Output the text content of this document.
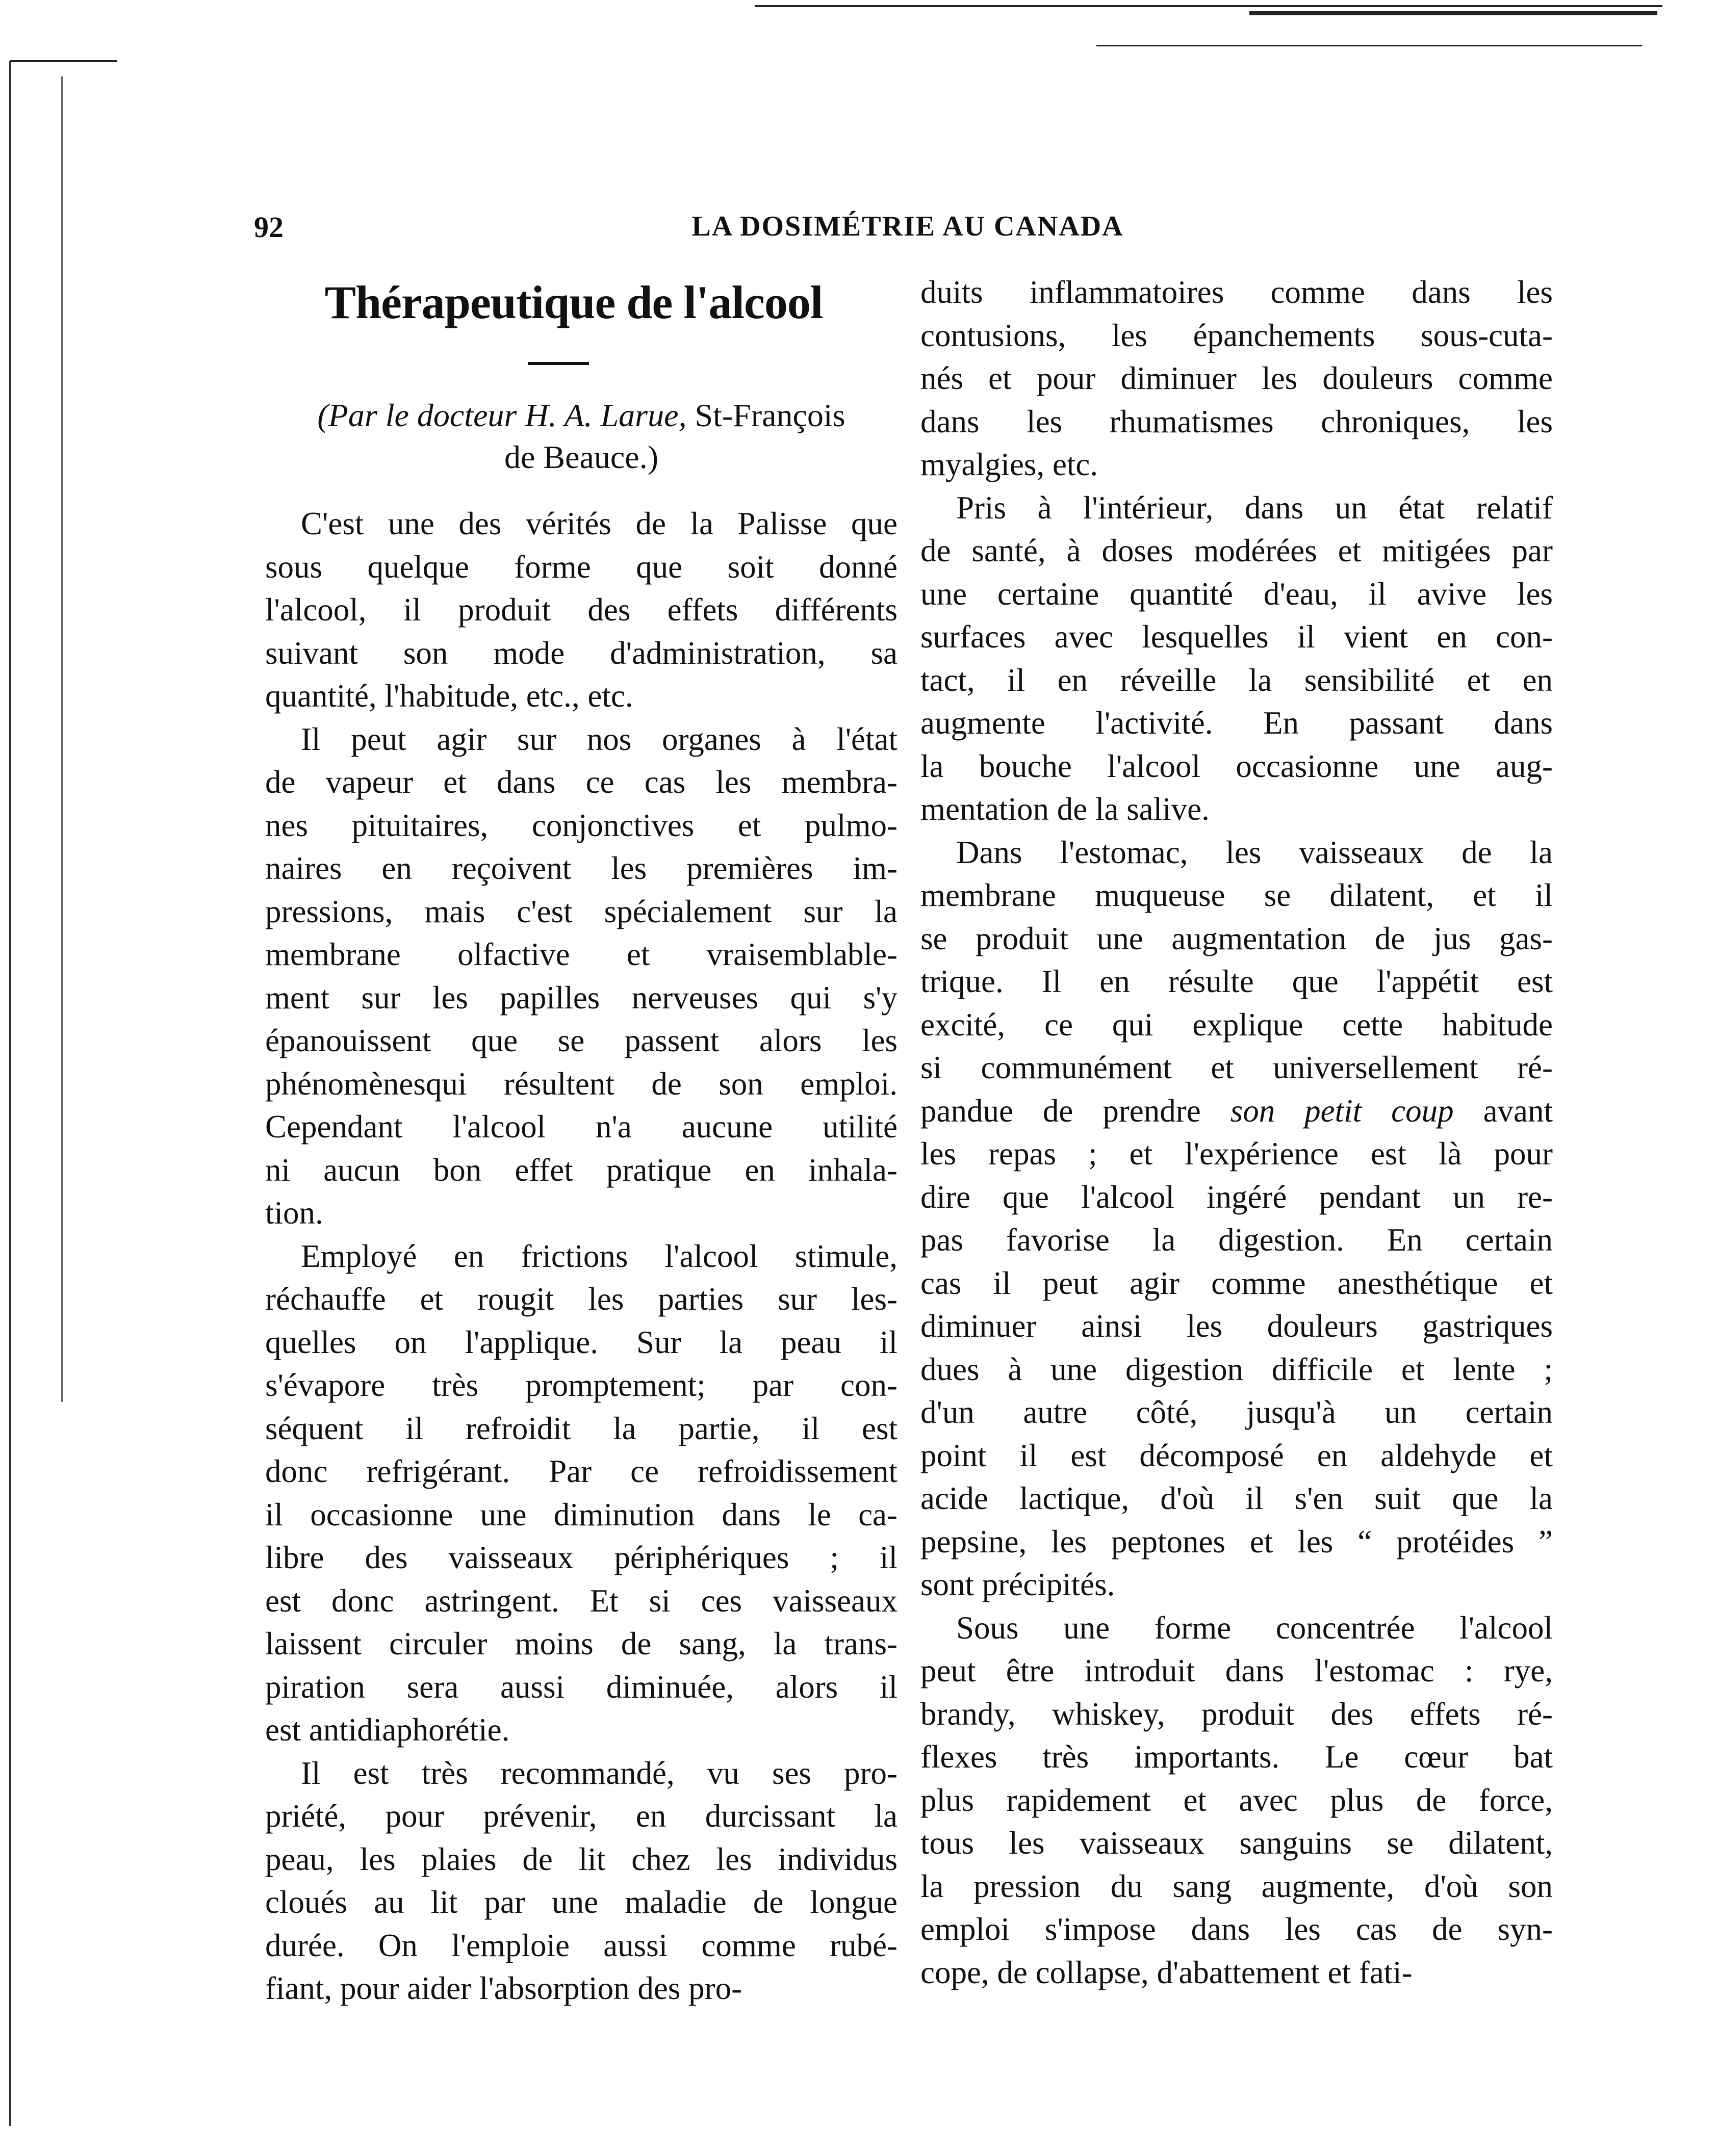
92	LA DOSIMÉTRIE AU CANADA
Thérapeutique de l'alcool
(Par le docteur H. A. Larue, St-François
de Beauce.)
C'est une des vérités de la Palisse que
sous quelque forme que soit donné
l'alcool, il produit des effets différents
suivant son mode d'administration, sa
quantité, l'habitude, etc., etc.
Il peut agir sur nos organes à l'état
de vapeur et dans ce cas les membra-
nes pituitaires, conjonctives et pulmo-
naires en reçoivent les premières im-
pressions, mais c'est spécialement sur la
membrane olfactive et vraisemblable-
ment sur les papilles nerveuses qui s'y
épanouissent que se passent alors les
phénomènesqui résultent de son emploi.
Cependant l'alcool n'a aucune utilité
ni aucun bon effet pratique en inhala-
tion.
Employé en frictions l'alcool stimule,
réchauffe et rougit les parties sur les-
quelles on l'applique. Sur la peau il
s'évapore très promptement; par con-
séquent il refroidit la partie, il est
donc refrigérant. Par ce refroidissement
il occasionne une diminution dans le ca-
libre des vaisseaux périphériques ; il
est donc astringent. Et si ces vaisseaux
laissent circuler moins de sang, la trans-
piration sera aussi diminuée, alors il
est antidiaphorétie.
Il est très recommandé, vu ses pro-
priété, pour prévenir, en durcissant la
peau, les plaies de lit chez les individus
cloués au lit par une maladie de longue
durée. On l'emploie aussi comme rubé-
fiant, pour aider l'absorption des pro-
duits inflammatoires comme dans les
contusions, les épanchements sous-cuta-
nés et pour diminuer les douleurs comme
dans les rhumatismes chroniques, les
myalgies, etc.
Pris à l'intérieur, dans un état relatif
de santé, à doses modérées et mitigées par
une certaine quantité d'eau, il avive les
surfaces avec lesquelles il vient en con-
tact, il en réveille la sensibilité et en
augmente l'activité. En passant dans
la bouche l'alcool occasionne une aug-
mentation de la salive.
Dans l'estomac, les vaisseaux de la
membrane muqueuse se dilatent, et il
se produit une augmentation de jus gas-
trique. Il en résulte que l'appétit est
excité, ce qui explique cette habitude
si communément et universellement ré-
pandue de prendre son petit coup avant
les repas ; et l'expérience est là pour
dire que l'alcool ingéré pendant un re-
pas favorise la digestion. En certain
cas il peut agir comme anesthétique et
diminuer ainsi les douleurs gastriques
dues à une digestion difficile et lente ;
d'un autre côté, jusqu'à un certain
point il est décomposé en aldehyde et
acide lactique, d'où il s'en suit que la
pepsine, les peptones et les “ protéides ”
sont précipités.
Sous une forme concentrée l'alcool
peut être introduit dans l'estomac : rye,
brandy, whiskey, produit des effets ré-
flexes très importants. Le cœur bat
plus rapidement et avec plus de force,
tous les vaisseaux sanguins se dilatent,
la pression du sang augmente, d'où son
emploi s'impose dans les cas de syn-
cope, de collapse, d'abattement et fati-
